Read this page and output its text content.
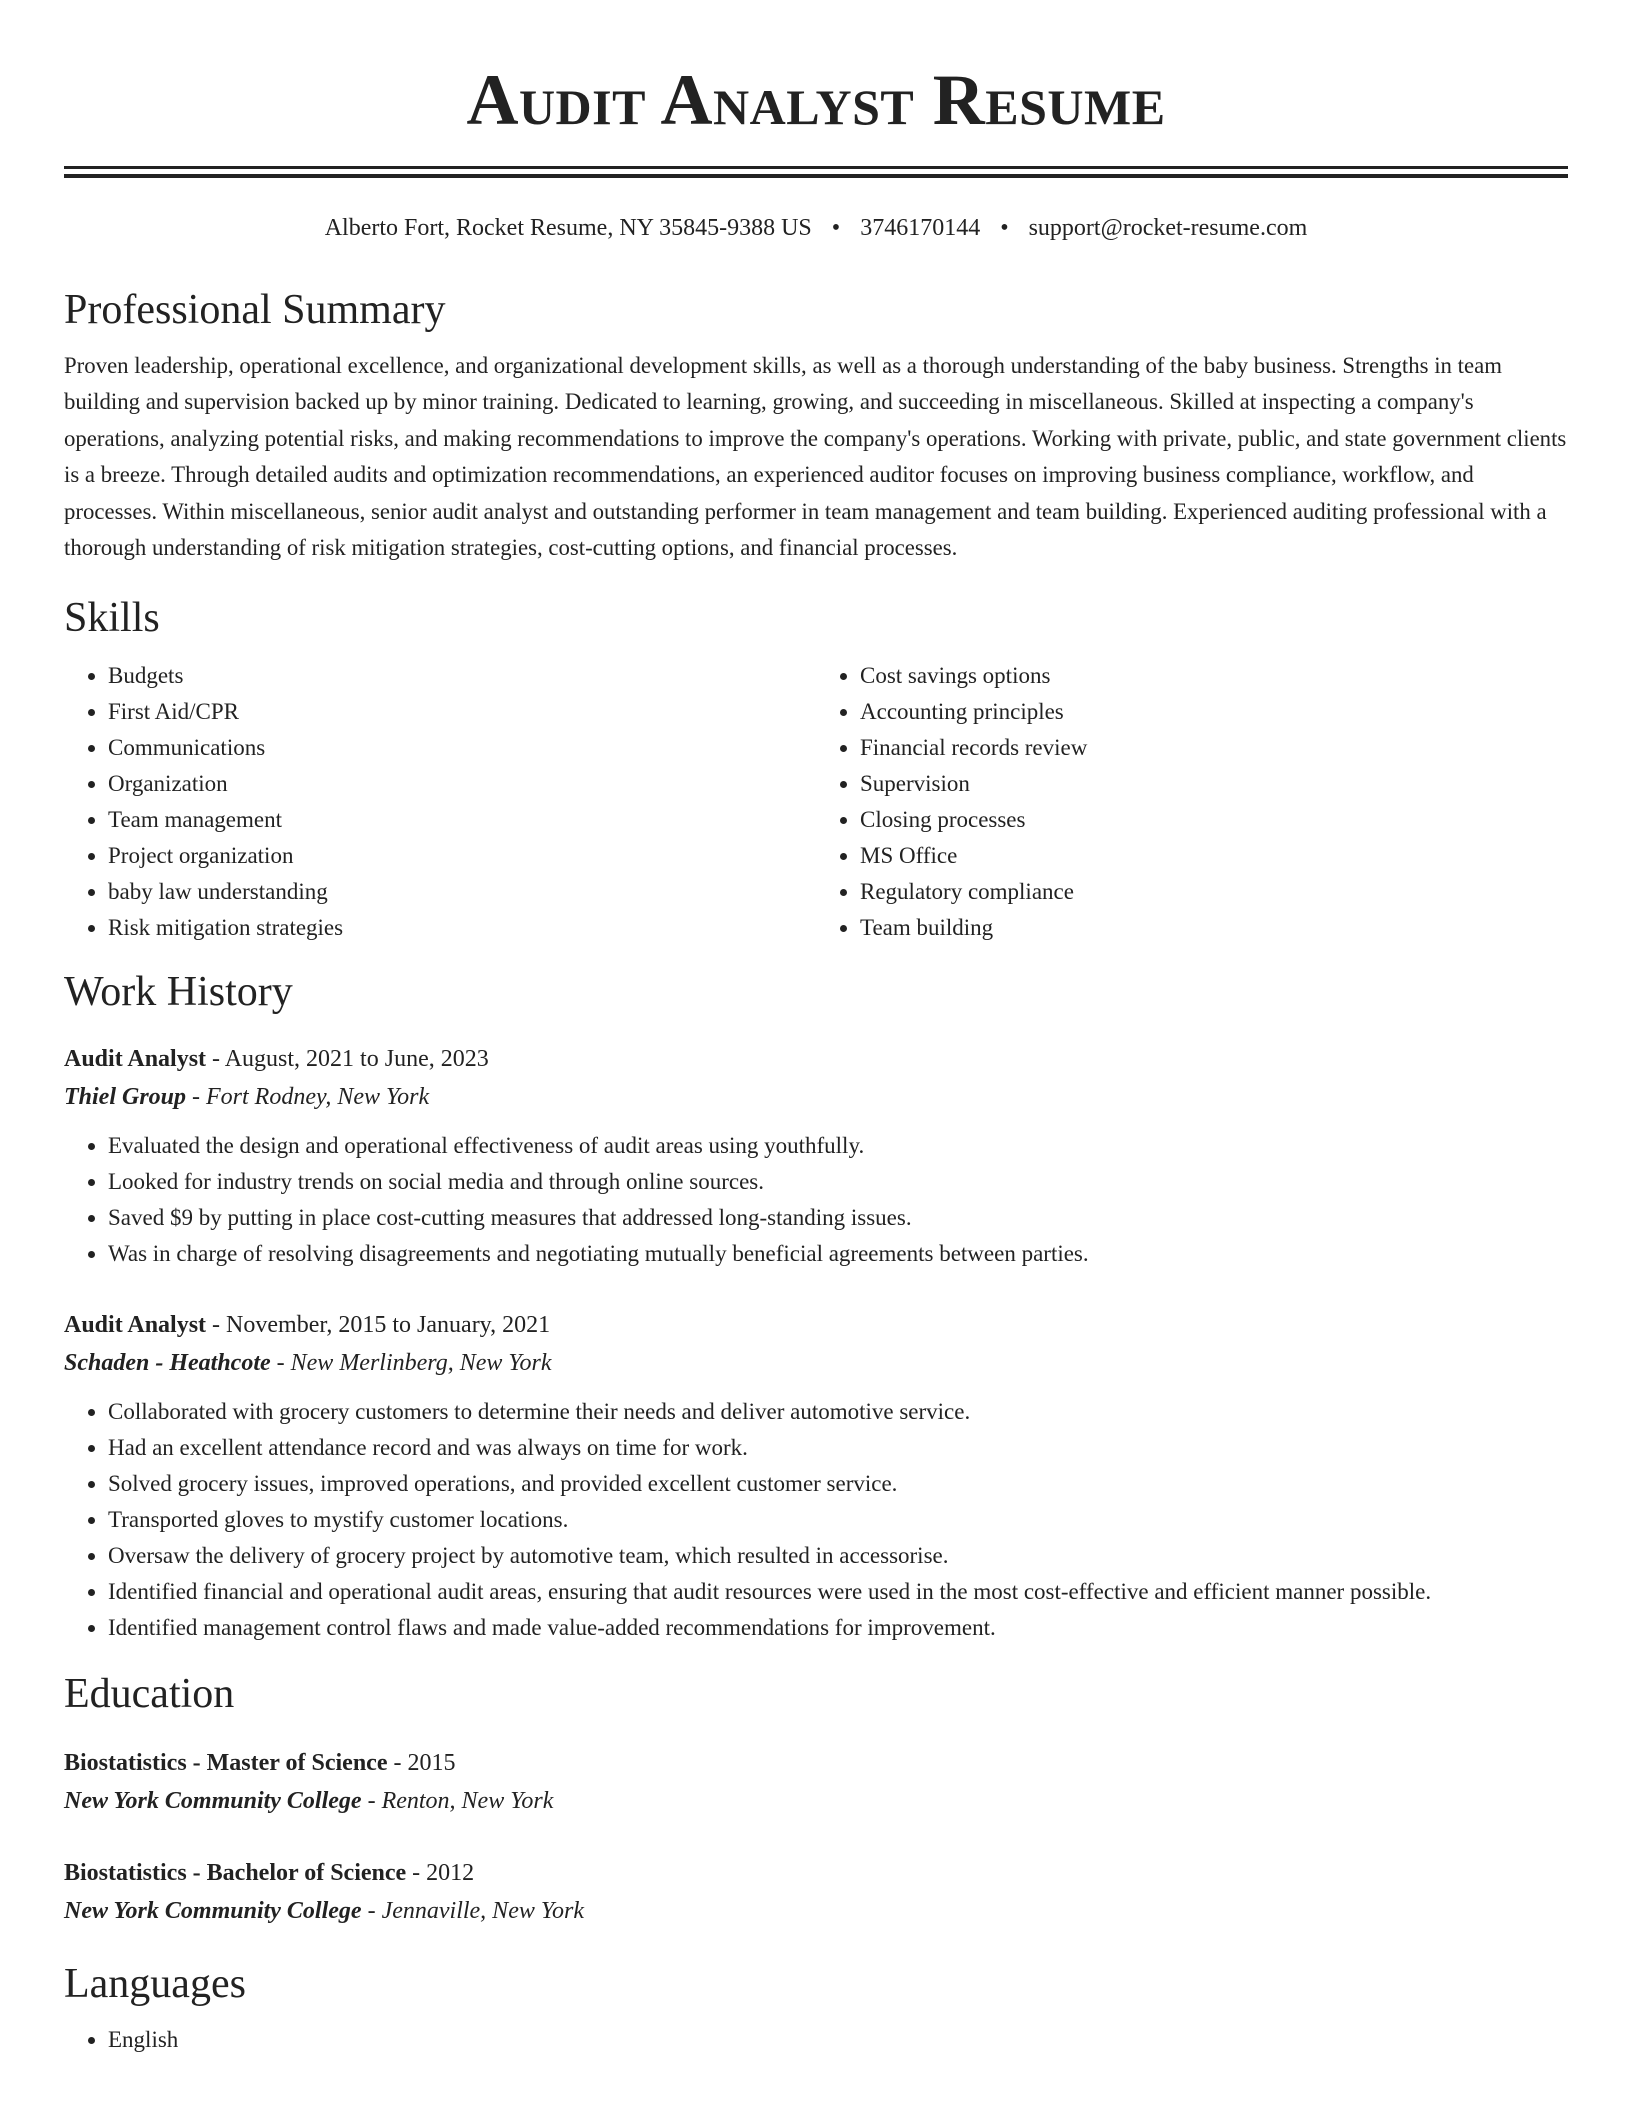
Audit Analyst Resume
Alberto Fort, Rocket Resume, NY 35845-9388 US • 3746170144 • support@rocket-resume.com
Professional Summary

Proven leadership, operational excellence, and organizational development skills, as well as a thorough understanding of the baby business. Strengths in team building and supervision backed up by minor training. Dedicated to learning, growing, and succeeding in miscellaneous. Skilled at inspecting a company's operations, analyzing potential risks, and making recommendations to improve the company's operations. Working with private, public, and state government clients is a breeze. Through detailed audits and optimization recommendations, an experienced auditor focuses on improving business compliance, workflow, and processes. Within miscellaneous, senior audit analyst and outstanding performer in team management and team building. Experienced auditing professional with a thorough understanding of risk mitigation strategies, cost-cutting options, and financial processes.

Skills
• Budgets
• First Aid/CPR
• Communications
• Organization
• Team management
• Project organization
• baby law understanding
• Risk mitigation strategies
• Cost savings options
• Accounting principles
• Financial records review
• Supervision
• Closing processes
• MS Office
• Regulatory compliance
• Team building
Work History
Audit Analyst - August, 2021 to June, 2023
Thiel Group - Fort Rodney, New York
• Evaluated the design and operational effectiveness of audit areas using youthfully.
• Looked for industry trends on social media and through online sources.
• Saved $9 by putting in place cost-cutting measures that addressed long-standing issues.
• Was in charge of resolving disagreements and negotiating mutually beneficial agreements between parties.
Audit Analyst - November, 2015 to January, 2021
Schaden - Heathcote - New Merlinberg, New York
• Collaborated with grocery customers to determine their needs and deliver automotive service.
• Had an excellent attendance record and was always on time for work.
• Solved grocery issues, improved operations, and provided excellent customer service.
• Transported gloves to mystify customer locations.
• Oversaw the delivery of grocery project by automotive team, which resulted in accessorise.
• Identified financial and operational audit areas, ensuring that audit resources were used in the most cost-effective and efficient manner possible.
• Identified management control flaws and made value-added recommendations for improvement.
Education
Biostatistics - Master of Science - 2015
New York Community College - Renton, New York
Biostatistics - Bachelor of Science - 2012
New York Community College - Jennaville, New York
Languages
• English
